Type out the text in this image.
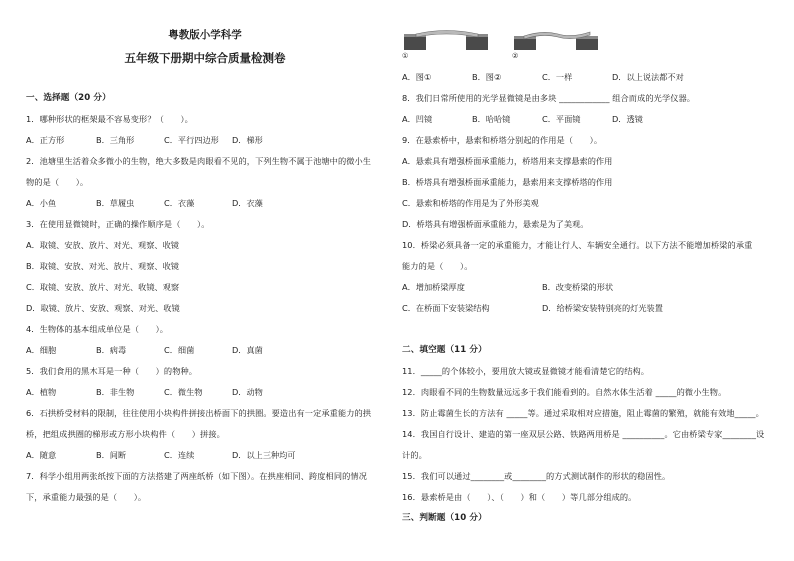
粤教版小学科学
五年级下册期中综合质量检测卷
一、选择题（20 分）
1．哪种形状的框架最不容易变形？（　　）。
A．正方形	B．三角形	C．平行四边形 D．梯形
2．池塘里生活着众多微小的生物，绝大多数是肉眼看不见的，下列生物不属于池塘中的微小生
物的是（　　）。
A．小鱼	B．草履虫	C．衣藻	D．衣藻
3．在使用显微镜时，正确的操作顺序是（　　）。
A．取镜、安放、放片、对光、观察、收镜
B．取镜、安放、对光、放片、观察、收镜
C．取镜、安放、放片、对光、收镜、观察
D．取镜、放片、安放、观察、对光、收镜
4．生物体的基本组成单位是（　　）。
A．细胞	B．病毒	C．细菌	D．真菌
5．我们食用的黑木耳是一种（　　）的物种。
A．植物	B．非生物	C．微生物	D．动物
6．石拱桥受材料的限制，往往使用小块构件拼接出桥面下的拱圈。要造出有一定承重能力的拱
桥，把组成拱圈的梯形或方形小块构件（　　）拼接。
A．随意	B．间断	C．连续	D．以上三种均可
7．科学小组用两张纸按下面的方法搭建了两座纸桥（如下图）。在拱座相同、跨度相同的情况
下，承重能力最强的是（　　）。
①	②
A．图①	B．图②	C．一样	D．以上说法都不对
8．我们日常所使用的光学显微镜是由多块 ____________ 组合而成的光学仪器。
A．凹镜	B．哈哈镜	C．平面镜	D．透镜
9．在悬索桥中，悬索和桥塔分别起的作用是（　　）。
A．悬索具有增强桥面承重能力，桥塔用来支撑悬索的作用
B．桥塔具有增强桥面承重能力，悬索用来支撑桥塔的作用
C．悬索和桥塔的作用是为了外形美观
D．桥塔具有增强桥面承重能力，悬索是为了美观。
10．桥梁必须具备一定的承重能力，才能让行人、车辆安全通行。以下方法不能增加桥梁的承重
能力的是（　　）。
A．增加桥梁厚度	B．改变桥梁的形状
C．在桥面下安装梁结构	D．给桥梁安装特别亮的灯光装置
二、填空题（11 分）
11．_____的个体较小，要用放大镜或显微镜才能看清楚它的结构。
12．肉眼看不同的生物数量远远多于我们能看到的。自然水体生活着 _____的微小生物。
13．防止霉菌生长的方法有 _____等。通过采取相对应措施，阻止霉菌的繁殖，就能有效地_____。
14．我国自行设计、建造的第一座双层公路、铁路两用桥是 __________。它由桥梁专家________设
计的。
15．我们可以通过________或________的方式测试制作的形状的稳固性。
16．悬索桥是由（　　）、（　　）和（　　）等几部分组成的。
三、判断题（10 分）
